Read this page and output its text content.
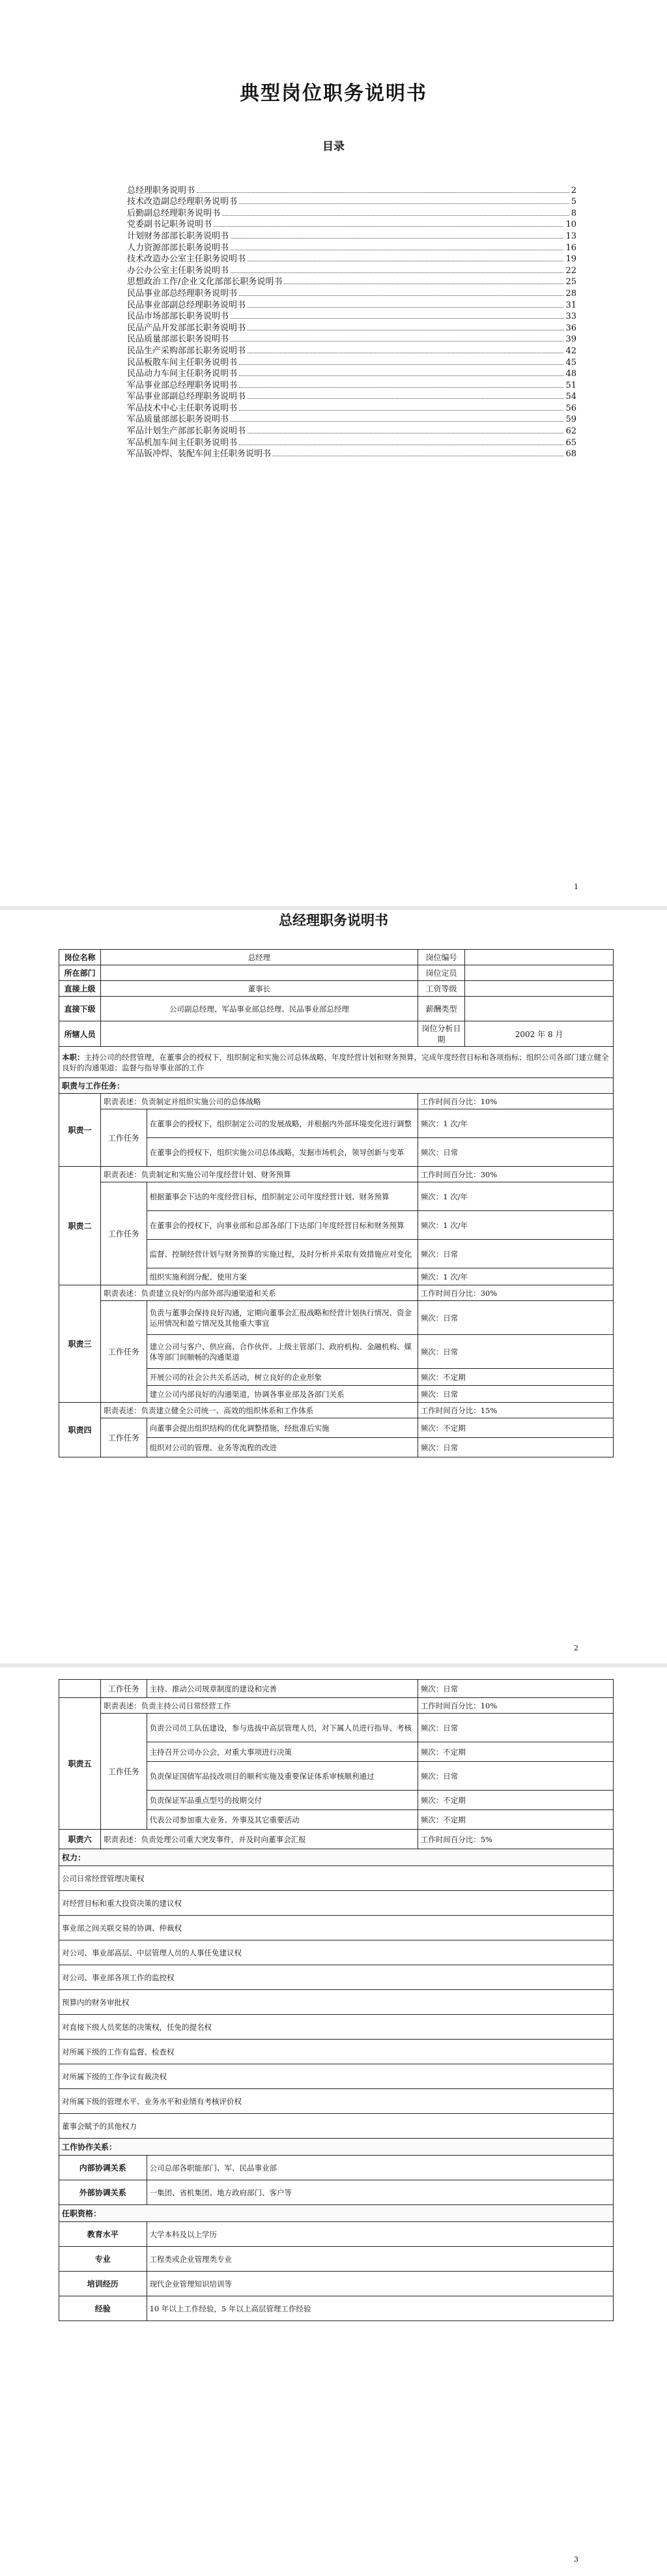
典型岗位职务说明书
目录
总经理职务说明书	2
技术改造副总经理职务说明书	5
后勤副总经理职务说明书	8
党委副书记职务说明书	10
计划财务部部长职务说明书	13
人力资源部部长职务说明书	16
技术改造办公室主任职务说明书	19
办公办公室主任职务说明书	22
思想政治工作/企业文化部部长职务说明书	25
民品事业部总经理职务说明书	28
民品事业部副总经理职务说明书	31
民品市场部部长职务说明书	33
民品产品开发部部长职务说明书	36
民品质量部部长职务说明书	39
民品生产采购部部长职务说明书	42
民品板散车间主任职务说明书	45
民品动力车间主任职务说明书	48
军品事业部总经理职务说明书	51
军品事业部副总经理职务说明书	54
军品技术中心主任职务说明书	56
军品质量部部长职务说明书	59
军品计划生产部部长职务说明书	62
军品机加车间主任职务说明书	65
军品钣冲焊、装配车间主任职务说明书	68
1
总经理职务说明书
岗位名称	总经理		岗位编号	
所在部门			岗位定员	
直接上级	董事长		工资等级	
直接下级	公司副总经理、军品事业部总经理、民品事业部总经理		薪酬类型	
所辖人员			岗位分析日期	2002 年 8 月
本职：主持公司的经营管理，在董事会的授权下，组织制定和实施公司总体战略，年度经营计划和财务预算，完成年度经营目标和各项指标；组织公司各部门建立健全良好的沟通渠道；监督与指导事业部的工作				
职责与工作任务：				
职责一	职责表述：负责制定并组织实施公司的总体战略		工作时间百分比：10%	
	工作任务	在董事会的授权下，组织制定公司的发展战略，并根据内外部环境变化进行调整	频次：1 次/年	
		在董事会的授权下，组织实施公司总体战略，发掘市场机会，领导创新与变革	频次：日常	
职责二	职责表述：负责制定和实施公司年度经营计划、财务预算		工作时间百分比：30%	
	工作任务	根据董事会下达的年度经营目标，组织制定公司年度经营计划、财务预算	频次：1 次/年	
		在董事会的授权下，向事业部和总部各部门下达部门年度经营目标和财务预算	频次：1 次/年	
		监督、控制经营计划与财务预算的实施过程，及时分析并采取有效措施应对变化	频次：日常	
		组织实施利润分配、使用方案	频次：1 次/年	
职责三	职责表述：负责建立良好的内部外部沟通渠道和关系		工作时间百分比：30%	
	工作任务	负责与董事会保持良好沟通，定期向董事会汇报战略和经营计划执行情况、资金运用情况和盈亏情况及其他重大事宜	频次：日常	
		建立公司与客户、供应商、合作伙伴、上级主管部门、政府机构、金融机构、媒体等部门间顺畅的沟通渠道	频次：日常	
		开展公司的社会公共关系活动，树立良好的企业形象	频次：不定期	
		建立公司内部良好的沟通渠道，协调各事业部及各部门关系	频次：日常	
职责四	职责表述：负责建立健全公司统一、高效的组织体系和工作体系		工作时间百分比：15%	
	工作任务	向董事会提出组织结构的优化调整措施，经批准后实施	频次：不定期	
		组织对公司的管理、业务等流程的改进	频次：日常	
2
	工作任务	主持、推动公司规章制度的建设和完善	频次：日常
职责五	职责表述：负责主持公司日常经营工作		工作时间百分比：10%
	工作任务	负责公司员工队伍建设，参与选拔中高层管理人员，对下属人员进行指导、考核	频次：日常
		主持召开公司办公会，对重大事项进行决策	频次：不定期
		负责保证国债军品技改项目的顺利实施及重要保证体系审核顺利通过	频次：日常
		负责保证军品重点型号的按期交付	频次：不定期
		代表公司参加重大业务、外事及其它重要活动	频次：不定期
职责六	职责表述：负责处理公司重大突发事件，并及时向董事会汇报		工作时间百分比：5%
权力：			
公司日常经营管理决策权			
对经营目标和重大投资决策的建议权			
事业部之间关联交易的协调、仲裁权			
对公司、事业部高层、中层管理人员的人事任免建议权			
对公司、事业部各项工作的监控权			
预算内的财务审批权			
对直接下级人员奖惩的决策权，任免的提名权			
对所属下级的工作有监督、检查权			
对所属下级的工作争议有裁决权			
对所属下级的管理水平、业务水平和业绩有考核评价权			
董事会赋予的其他权力			
工作协作关系：			
内部协调关系		公司总部各职能部门、军、民品事业部	
外部协调关系		一集团、省机集团、地方政府部门、客户等	
任职资格：			
教育水平		大学本科及以上学历	
专业		工程类或企业管理类专业	
培训经历		现代企业管理知识培训等	
经验		10 年以上工作经验，5 年以上高层管理工作经验	
3
